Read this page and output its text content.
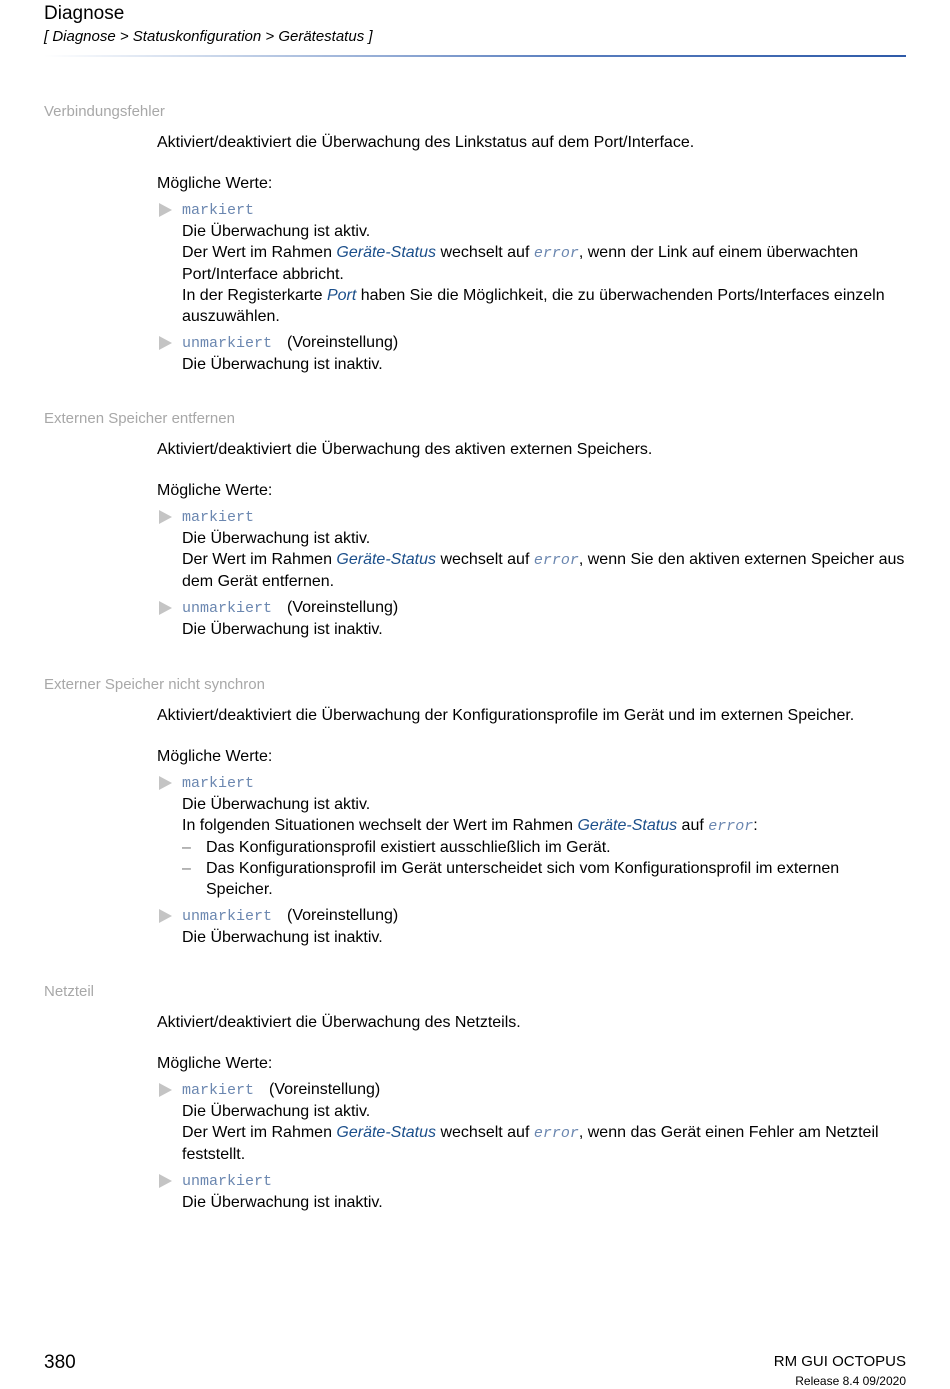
Diagnose
[ Diagnose > Statuskonfiguration > Gerätestatus ]
Verbindungsfehler

Aktiviert/deaktiviert die Überwachung des Linkstatus auf dem Port/Interface.

Mögliche Werte:

markiert
Die Überwachung ist aktiv.
Der Wert im Rahmen Geräte-Status wechselt auf error, wenn der Link auf einem überwachten Port/Interface abbricht.
In der Registerkarte Port haben Sie die Möglichkeit, die zu überwachenden Ports/Interfaces einzeln auszuwählen.
unmarkiert (Voreinstellung)
Die Überwachung ist inaktiv.
Externen Speicher entfernen

Aktiviert/deaktiviert die Überwachung des aktiven externen Speichers.

Mögliche Werte:

markiert
Die Überwachung ist aktiv.
Der Wert im Rahmen Geräte-Status wechselt auf error, wenn Sie den aktiven externen Speicher aus dem Gerät entfernen.
unmarkiert (Voreinstellung)
Die Überwachung ist inaktiv.
Externer Speicher nicht synchron

Aktiviert/deaktiviert die Überwachung der Konfigurationsprofile im Gerät und im externen Speicher.

Mögliche Werte:

markiert
Die Überwachung ist aktiv.
In folgenden Situationen wechselt der Wert im Rahmen Geräte-Status auf error:
– Das Konfigurationsprofil existiert ausschließlich im Gerät.
– Das Konfigurationsprofil im Gerät unterscheidet sich vom Konfigurationsprofil im externen Speicher.
unmarkiert (Voreinstellung)
Die Überwachung ist inaktiv.
Netzteil

Aktiviert/deaktiviert die Überwachung des Netzteils.

Mögliche Werte:

markiert (Voreinstellung)
Die Überwachung ist aktiv.
Der Wert im Rahmen Geräte-Status wechselt auf error, wenn das Gerät einen Fehler am Netzteil feststellt.
unmarkiert
Die Überwachung ist inaktiv.
380	RM GUI OCTOPUS
Release 8.4 09/2020
